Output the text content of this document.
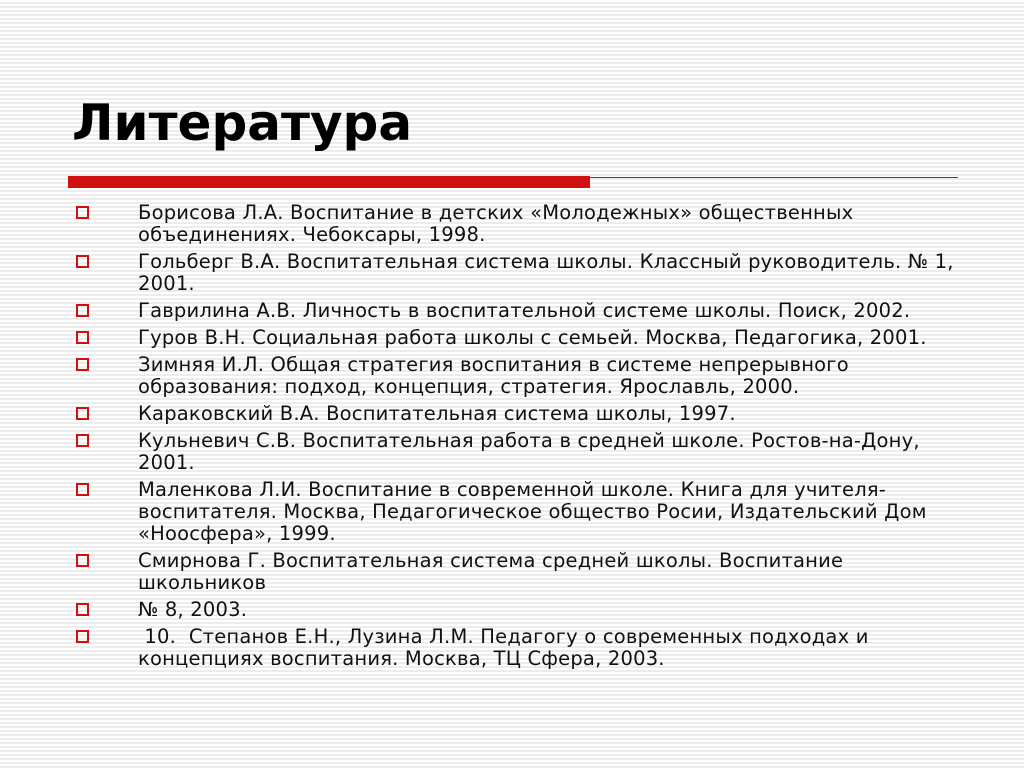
Литература
Борисова Л.А. Воспитание в детских «Молодежных» общественных объединениях. Чебоксары, 1998.
Гольберг В.А. Воспитательная система школы. Классный руководитель. № 1, 2001.
Гаврилина А.В. Личность в воспитательной системе школы. Поиск, 2002.
Гуров В.Н. Социальная работа школы с семьей. Москва, Педагогика, 2001.
Зимняя И.Л. Общая стратегия воспитания в системе непрерывного образования: подход, концепция, стратегия. Ярославль, 2000.
Караковский В.А. Воспитательная система школы, 1997.
Кульневич С.В. Воспитательная работа в средней школе. Ростов-на-Дону, 2001.
Маленкова Л.И. Воспитание в современной школе. Книга для учителя-воспитателя. Москва, Педагогическое общество Росии, Издательский Дом «Ноосфера», 1999.
Смирнова Г. Воспитательная система средней школы. Воспитание школьников
№ 8, 2003.
10.  Степанов Е.Н., Лузина Л.М. Педагогу о современных подходах и концепциях воспитания. Москва, ТЦ Сфера, 2003.
